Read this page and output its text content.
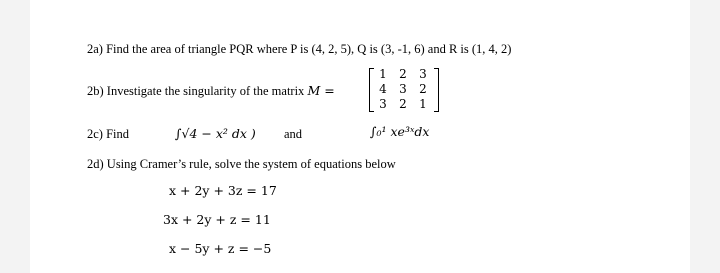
2a) Find the area of triangle PQR where P is (4, 2, 5), Q is (3, -1, 6) and R is (1, 4, 2)
2b) Investigate the singularity of the matrix M =
1 2 3
4 3 2
3 2 1
2c) Find	∫√4 − x² dx ) and	∫₀¹ xe³ˣdx
2d) Using Cramer’s rule, solve the system of equations below
x + 2y + 3z = 17
3x + 2y + z = 11
x − 5y + z = −5
